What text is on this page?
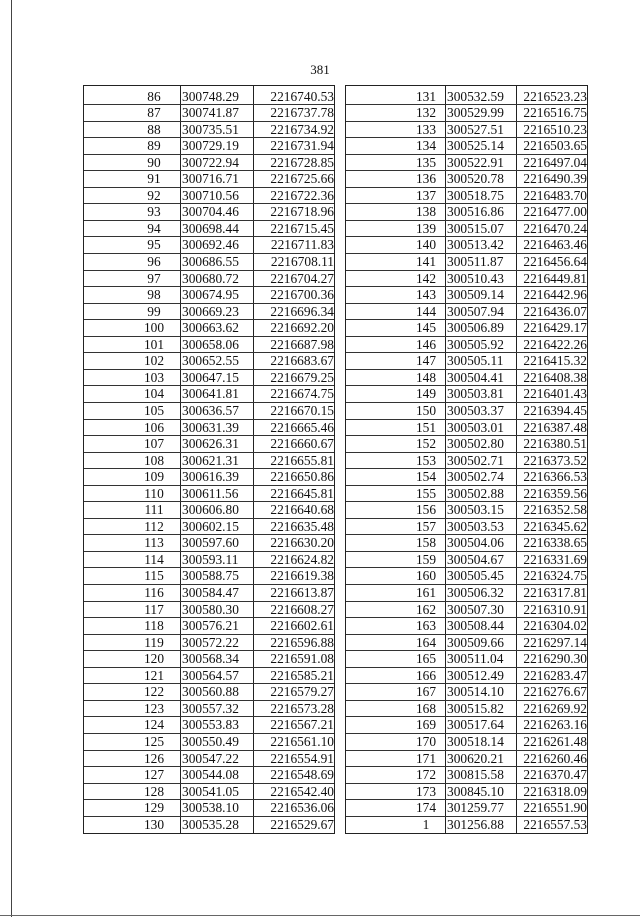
381
86	300748.29	2216740.53
87	300741.87	2216737.78
88	300735.51	2216734.92
89	300729.19	2216731.94
90	300722.94	2216728.85
91	300716.71	2216725.66
92	300710.56	2216722.36
93	300704.46	2216718.96
94	300698.44	2216715.45
95	300692.46	2216711.83
96	300686.55	2216708.11
97	300680.72	2216704.27
98	300674.95	2216700.36
99	300669.23	2216696.34
100	300663.62	2216692.20
101	300658.06	2216687.98
102	300652.55	2216683.67
103	300647.15	2216679.25
104	300641.81	2216674.75
105	300636.57	2216670.15
106	300631.39	2216665.46
107	300626.31	2216660.67
108	300621.31	2216655.81
109	300616.39	2216650.86
110	300611.56	2216645.81
111	300606.80	2216640.68
112	300602.15	2216635.48
113	300597.60	2216630.20
114	300593.11	2216624.82
115	300588.75	2216619.38
116	300584.47	2216613.87
117	300580.30	2216608.27
118	300576.21	2216602.61
119	300572.22	2216596.88
120	300568.34	2216591.08
121	300564.57	2216585.21
122	300560.88	2216579.27
123	300557.32	2216573.28
124	300553.83	2216567.21
125	300550.49	2216561.10
126	300547.22	2216554.91
127	300544.08	2216548.69
128	300541.05	2216542.40
129	300538.10	2216536.06
130	300535.28	2216529.67
131 300532.59	2216523.23
132 300529.99	2216516.75
133 300527.51	2216510.23
134 300525.14	2216503.65
135 300522.91	2216497.04
136 300520.78	2216490.39
137 300518.75	2216483.70
138 300516.86	2216477.00
139 300515.07	2216470.24
140 300513.42	2216463.46
141 300511.87	2216456.64
142 300510.43	2216449.81
143 300509.14	2216442.96
144 300507.94	2216436.07
145 300506.89	2216429.17
146 300505.92	2216422.26
147 300505.11	2216415.32
148 300504.41	2216408.38
149 300503.81	2216401.43
150 300503.37	2216394.45
151 300503.01	2216387.48
152 300502.80	2216380.51
153 300502.71	2216373.52
154 300502.74	2216366.53
155 300502.88	2216359.56
156 300503.15	2216352.58
157 300503.53	2216345.62
158 300504.06	2216338.65
159 300504.67	2216331.69
160 300505.45	2216324.75
161 300506.32	2216317.81
162 300507.30	2216310.91
163 300508.44	2216304.02
164 300509.66	2216297.14
165 300511.04	2216290.30
166 300512.49	2216283.47
167 300514.10	2216276.67
168 300515.82	2216269.92
169 300517.64	2216263.16
170 300518.14	2216261.48
171 300620.21	2216260.46
172 300815.58	2216370.47
173 300845.10	2216318.09
174 301259.77	2216551.90
1	301256.88	2216557.53
